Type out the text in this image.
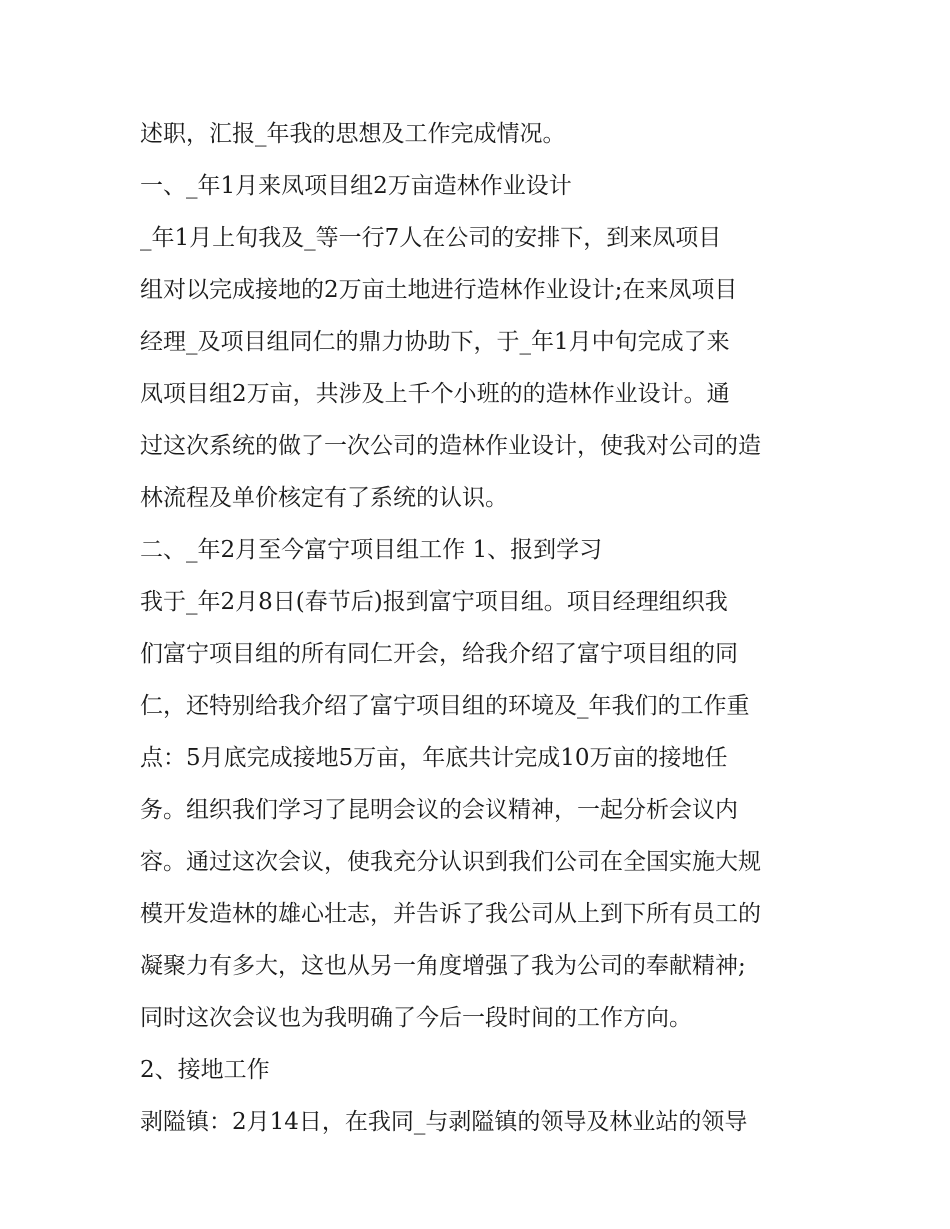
述职，汇报_年我的思想及工作完成情况。
一、_年1月来凤项目组2万亩造林作业设计
_年1月上旬我及_等一行7人在公司的安排下，到来凤项目
组对以完成接地的2万亩土地进行造林作业设计;在来凤项目
经理_及项目组同仁的鼎力协助下，于_年1月中旬完成了来
凤项目组2万亩，共涉及上千个小班的的造林作业设计。通
过这次系统的做了一次公司的造林作业设计，使我对公司的造
林流程及单价核定有了系统的认识。
二、_年2月至今富宁项目组工作 1、报到学习
我于_年2月8日(春节后)报到富宁项目组。项目经理组织我
们富宁项目组的所有同仁开会，给我介绍了富宁项目组的同
仁，还特别给我介绍了富宁项目组的环境及_年我们的工作重
点：5月底完成接地5万亩，年底共计完成10万亩的接地任
务。组织我们学习了昆明会议的会议精神，一起分析会议内
容。通过这次会议，使我充分认识到我们公司在全国实施大规
模开发造林的雄心壮志，并告诉了我公司从上到下所有员工的
凝聚力有多大，这也从另一角度增强了我为公司的奉献精神;
同时这次会议也为我明确了今后一段时间的工作方向。
2、接地工作
剥隘镇：2月14日，在我同_与剥隘镇的领导及林业站的领导
